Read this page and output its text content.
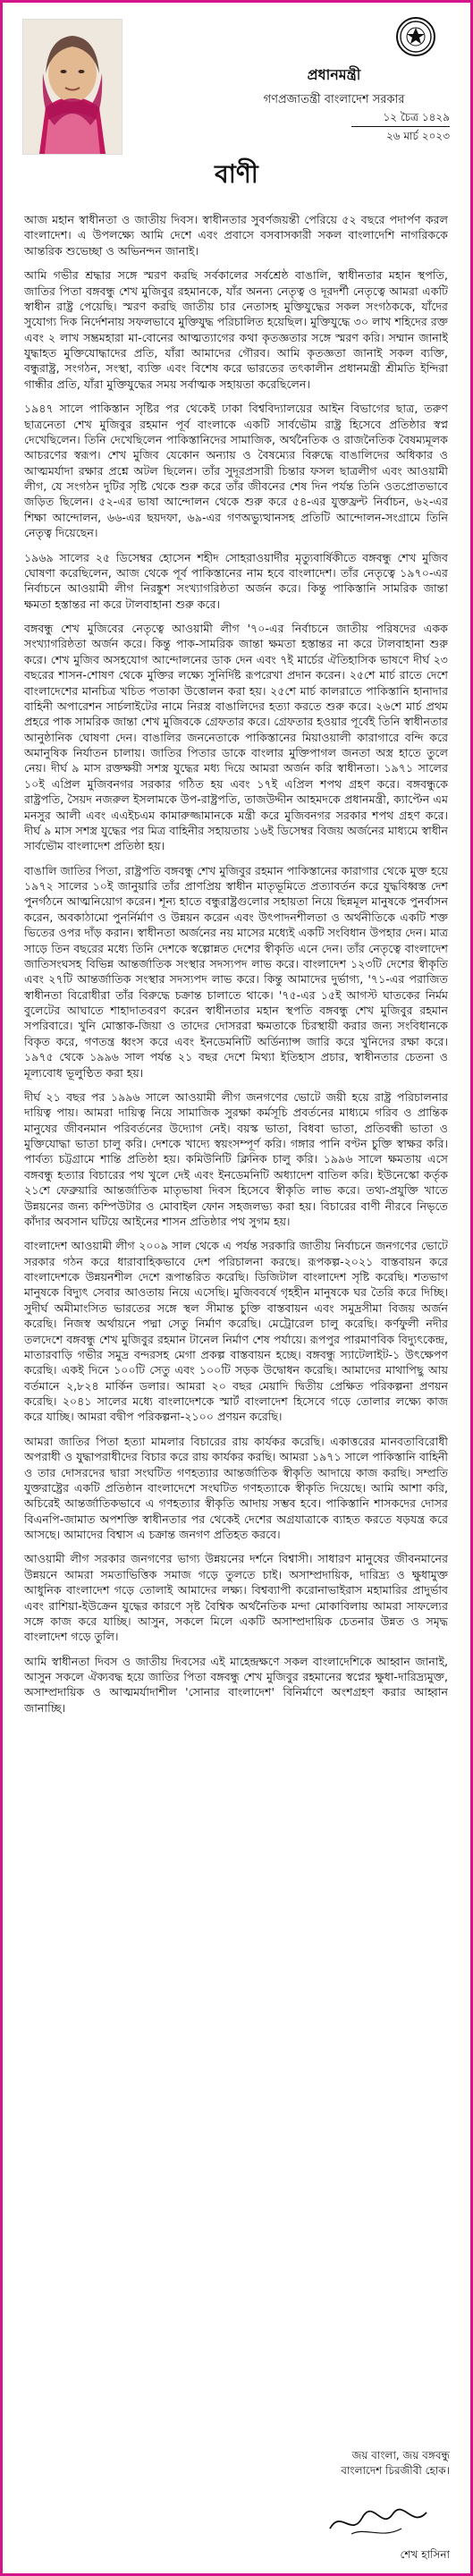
প্রধানমন্ত্রী

গণপ্রজাতন্ত্রী বাংলাদেশ সরকার

১২ চৈত্র ১৪২৯
২৬ মার্চ ২০২৩
বাণী

আজ মহান স্বাধীনতা ও জাতীয় দিবস। স্বাধীনতার সুবর্ণজয়ন্তী পেরিয়ে ৫২ বছরে পদার্পণ করল বাংলাদেশ। এ উপলক্ষ্যে আমি দেশে এবং প্রবাসে বসবাসকারী সকল বাংলাদেশি নাগরিককে আন্তরিক শুভেচ্ছা ও অভিনন্দন জানাই।

আমি গভীর শ্রদ্ধার সঙ্গে স্মরণ করছি সর্বকালের সর্বশ্রেষ্ঠ বাঙালি, স্বাধীনতার মহান স্থপতি, জাতির পিতা বঙ্গবন্ধু শেখ মুজিবুর রহমানকে, যাঁর অনন্য নেতৃত্ব ও দূরদর্শী নেতৃত্বে আমরা একটি স্বাধীন রাষ্ট্র পেয়েছি। স্মরণ করছি জাতীয় চার নেতাসহ মুক্তিযুদ্ধের সকল সংগঠককে, যাঁদের সুযোগ্য দিক নির্দেশনায় সফলভাবে মুক্তিযুদ্ধ পরিচালিত হয়েছিল। মুক্তিযুদ্ধে ৩০ লাখ শহিদের রক্ত এবং ২ লাখ সম্ভ্রমহারা মা-বোনের আত্মত্যাগের কথা কৃতজ্ঞতার সঙ্গে স্মরণ করি। সম্মান জানাই যুদ্ধাহত মুক্তিযোদ্ধাদের প্রতি, যাঁরা আমাদের গৌরব। আমি কৃতজ্ঞতা জানাই সকল ব্যক্তি, বন্ধুরাষ্ট্র, সংগঠন, সংস্থা, ব্যক্তি এবং বিশেষ করে ভারতের তৎকালীন প্রধানমন্ত্রী শ্রীমতি ইন্দিরা গান্ধীর প্রতি, যাঁরা মুক্তিযুদ্ধের সময় সর্বাত্মক সহায়তা করেছিলেন।

১৯৪৭ সালে পাকিস্তান সৃষ্টির পর থেকেই ঢাকা বিশ্ববিদ্যালয়ের আইন বিভাগের ছাত্র, তরুণ ছাত্রনেতা শেখ মুজিবুর রহমান পূর্ব বাংলাকে একটি সার্বভৌম রাষ্ট্র হিসেবে প্রতিষ্ঠার স্বপ্ন দেখেছিলেন। তিনি দেখেছিলেন পাকিস্তানিদের সামাজিক, অর্থনৈতিক ও রাজনৈতিক বৈষম্যমূলক আচরণের স্বরূপ। শেখ মুজিব যেকোন অন্যায় ও বৈষম্যের বিরুদ্ধে বাঙালিদের অধিকার ও আত্মমর্যাদা রক্ষার প্রশ্নে অটল ছিলেন। তাঁর সুদূরপ্রসারী চিন্তার ফসল ছাত্রলীগ এবং আওয়ামী লীগ, যে সংগঠন দুটির সৃষ্টি থেকে শুরু করে তাঁর জীবনের শেষ দিন পর্যন্ত তিনি ওতপ্রোতভাবে জড়িত ছিলেন। ৫২-এর ভাষা আন্দোলন থেকে শুরু করে ৫৪-এর যুক্তফ্রন্ট নির্বাচন, ৬২-এর শিক্ষা আন্দোলন, ৬৬-এর ছয়দফা, ৬৯-এর গণঅভ্যুত্থানসহ প্রতিটি আন্দোলন-সংগ্রামে তিনি নেতৃত্ব দিয়েছেন।

১৯৬৯ সালের ২৫ ডিসেম্বর হোসেন শহীদ সোহরাওয়ার্দীর মৃত্যুবার্ষিকীতে বঙ্গবন্ধু শেখ মুজিব ঘোষণা করেছিলেন, আজ থেকে পূর্ব পাকিস্তানের নাম হবে বাংলাদেশ। তাঁর নেতৃত্বে ১৯৭০-এর নির্বাচনে আওয়ামী লীগ নিরঙ্কুশ সংখ্যাগরিষ্ঠতা অর্জন করে। কিন্তু পাকিস্তানি সামরিক জান্তা ক্ষমতা হস্তান্তর না করে টালবাহানা শুরু করে।

বঙ্গবন্ধু শেখ মুজিবের নেতৃত্বে আওয়ামী লীগ '৭০-এর নির্বাচনে জাতীয় পরিষদের একক সংখ্যাগরিষ্ঠতা অর্জন করে। কিন্তু পাক-সামরিক জান্তা ক্ষমতা হস্তান্তর না করে টালবাহানা শুরু করে। শেখ মুজিব অসহযোগ আন্দোলনের ডাক দেন এবং ৭ই মার্চের ঐতিহাসিক ভাষণে দীর্ঘ ২৩ বছরের শাসন-শোষণ থেকে মুক্তির লক্ষ্যে সুনির্দিষ্ট রূপরেখা প্রদান করেন। ২৫শে মার্চ রাতে দেশে বাংলাদেশের মানচিত্র খচিত পতাকা উত্তোলন করা হয়। ২৫শে মার্চ কালরাতে পাকিস্তানি হানাদার বাহিনী অপারেশন সার্চলাইটের নামে নিরস্ত্র বাঙালিদের হত্যা করতে শুরু করে। ২৬শে মার্চ প্রথম প্রহরে পাক সামরিক জান্তা শেখ মুজিবকে গ্রেফতার করে। গ্রেফতার হওয়ার পূর্বেই তিনি স্বাধীনতার আনুষ্ঠানিক ঘোষণা দেন। বাঙালির জননেতাকে পাকিস্তানের মিয়াওয়ালী কারাগারে বন্দি করে অমানুষিক নির্যাতন চালায়। জাতির পিতার ডাকে বাংলার মুক্তিপাগল জনতা অস্ত্র হাতে তুলে নেয়। দীর্ঘ ৯ মাস রক্তক্ষয়ী সশস্ত্র যুদ্ধের মধ্য দিয়ে আমরা অর্জন করি স্বাধীনতা। ১৯৭১ সালের ১০ই এপ্রিল মুজিবনগর সরকার গঠিত হয় এবং ১৭ই এপ্রিল শপথ গ্রহণ করে। বঙ্গবন্ধুকে রাষ্ট্রপতি, সৈয়দ নজরুল ইসলামকে উপ-রাষ্ট্রপতি, তাজউদ্দীন আহমদকে প্রধানমন্ত্রী, ক্যাপ্টেন এম মনসুর আলী এবং এএইচএম কামারুজ্জামানকে মন্ত্রী করে মুজিবনগর সরকার শপথ গ্রহণ করে। দীর্ঘ ৯ মাস সশস্ত্র যুদ্ধের পর মিত্র বাহিনীর সহায়তায় ১৬ই ডিসেম্বর বিজয় অর্জনের মাধ্যমে স্বাধীন সার্বভৌম বাংলাদেশ প্রতিষ্ঠা হয়।

বাঙালি জাতির পিতা, রাষ্ট্রপতি বঙ্গবন্ধু শেখ মুজিবুর রহমান পাকিস্তানের কারাগার থেকে মুক্ত হয়ে ১৯৭২ সালের ১০ই জানুয়ারি তাঁর প্রাণপ্রিয় স্বাধীন মাতৃভূমিতে প্রত্যাবর্তন করে যুদ্ধবিধ্বস্ত দেশ পুনর্গঠনে আত্মনিয়োগ করেন। শূন্য হাতে বন্ধুরাষ্ট্রগুলোর সহায়তা নিয়ে ছিন্নমূল মানুষকে পুনর্বাসন করেন, অবকাঠামো পুনর্নির্মাণ ও উন্নয়ন করেন এবং উৎপাদনশীলতা ও অর্থনীতিকে একটি শক্ত ভিতের ওপর দাঁড় করান। স্বাধীনতা অর্জনের নয় মাসের মধ্যেই একটি সংবিধান উপহার দেন। মাত্র সাড়ে তিন বছরের মধ্যে তিনি দেশকে স্বল্পোন্নত দেশের স্বীকৃতি এনে দেন। তাঁর নেতৃত্বে বাংলাদেশ জাতিসংঘসহ বিভিন্ন আন্তর্জাতিক সংস্থার সদস্যপদ লাভ করে। বাংলাদেশ ১২৩টি দেশের স্বীকৃতি এবং ২৭টি আন্তর্জাতিক সংস্থার সদস্যপদ লাভ করে। কিন্তু আমাদের দুর্ভাগ্য, '৭১-এর পরাজিত স্বাধীনতা বিরোধীরা তাঁর বিরুদ্ধে চক্রান্ত চালাতে থাকে। '৭৫-এর ১৫ই আগস্ট ঘাতকের নির্মম বুলেটের আঘাতে শাহাদাতবরণ করেন স্বাধীনতার মহান স্থপতি বঙ্গবন্ধু শেখ মুজিবুর রহমান সপরিবারে। খুনি মোস্তাক-জিয়া ও তাদের দোসররা ক্ষমতাকে চিরস্থায়ী করার জন্য সংবিধানকে বিকৃত করে, গণতন্ত্র ধ্বংস করে এবং ইনডেমনিটি অর্ডিন্যান্স জারি করে খুনিদের রক্ষা করে। ১৯৭৫ থেকে ১৯৯৬ সাল পর্যন্ত ২১ বছর দেশে মিথ্যা ইতিহাস প্রচার, স্বাধীনতার চেতনা ও মূল্যবোধ ভূলুণ্ঠিত করা হয়।

দীর্ঘ ২১ বছর পর ১৯৯৬ সালে আওয়ামী লীগ জনগণের ভোটে জয়ী হয়ে রাষ্ট্র পরিচালনার দায়িত্ব পায়। আমরা দায়িত্ব নিয়ে সামাজিক সুরক্ষা কর্মসূচি প্রবর্তনের মাধ্যমে গরিব ও প্রান্তিক মানুষের জীবনমান পরিবর্তনের উদ্যোগ নেই। বয়স্ক ভাতা, বিধবা ভাতা, প্রতিবন্ধী ভাতা ও মুক্তিযোদ্ধা ভাতা চালু করি। দেশকে খাদ্যে স্বয়ংসম্পূর্ণ করি। গঙ্গার পানি বণ্টন চুক্তি স্বাক্ষর করি। পার্বত্য চট্টগ্রামে শান্তি প্রতিষ্ঠা হয়। কমিউনিটি ক্লিনিক চালু করি। ১৯৯৬ সালে ক্ষমতায় এসে বঙ্গবন্ধু হত্যার বিচারের পথ খুলে দেই এবং ইনডেমনিটি অধ্যাদেশ বাতিল করি। ইউনেস্কো কর্তৃক ২১শে ফেব্রুয়ারি আন্তর্জাতিক মাতৃভাষা দিবস হিসেবে স্বীকৃতি লাভ করে। তথ্য-প্রযুক্তি খাতে উন্নয়নের জন্য কম্পিউটার ও মোবাইল ফোন সহজলভ্য করা হয়। বিচারের বাণী নীরবে নিভৃতে কাঁদার অবসান ঘটিয়ে আইনের শাসন প্রতিষ্ঠার পথ সুগম হয়।

বাংলাদেশ আওয়ামী লীগ ২০০৯ সাল থেকে এ পর্যন্ত সরকারি জাতীয় নির্বাচনে জনগণের ভোটে সরকার গঠন করে ধারাবাহিকভাবে দেশ পরিচালনা করছে। রূপকল্প-২০২১ বাস্তবায়ন করে বাংলাদেশকে উন্নয়নশীল দেশে রূপান্তরিত করেছি। ডিজিটাল বাংলাদেশ সৃষ্টি করেছি। শতভাগ মানুষকে বিদ্যুৎ সেবার আওতায় নিয়ে এসেছি। মুজিববর্ষে গৃহহীন মানুষকে ঘর তৈরি করে দিচ্ছি। সুদীর্ঘ অমীমাংসিত ভারতের সঙ্গে স্থল সীমান্ত চুক্তি বাস্তবায়ন এবং সমুদ্রসীমা বিজয় অর্জন করেছি। নিজস্ব অর্থায়নে পদ্মা সেতু নির্মাণ করেছি। মেট্রোরেল চালু করেছি। কর্ণফুলী নদীর তলদেশে বঙ্গবন্ধু শেখ মুজিবুর রহমান টানেল নির্মাণ শেষ পর্যায়ে। রূপপুর পারমাণবিক বিদ্যুৎকেন্দ্র, মাতারবাড়ি গভীর সমুদ্র বন্দরসহ মেগা প্রকল্প বাস্তবায়ন হচ্ছে। বঙ্গবন্ধু স্যাটেলাইট-১ উৎক্ষেপণ করেছি। একই দিনে ১০০টি সেতু এবং ১০০টি সড়ক উদ্বোধন করেছি। আমাদের মাথাপিছু আয় বর্তমানে ২,৮২৪ মার্কিন ডলার। আমরা ২০ বছর মেয়াদি দ্বিতীয় প্রেক্ষিত পরিকল্পনা প্রণয়ন করেছি। ২০৪১ সালের মধ্যে বাংলাদেশকে স্মার্ট বাংলাদেশ হিসেবে গড়ে তোলার লক্ষ্যে কাজ করে যাচ্ছি। আমরা বদ্বীপ পরিকল্পনা-২১০০ প্রণয়ন করেছি।

আমরা জাতির পিতা হত্যা মামলার বিচারের রায় কার্যকর করেছি। একাত্তরের মানবতাবিরোধী অপরাধী ও যুদ্ধাপরাধীদের বিচার করে রায় কার্যকর করছি। আমরা ১৯৭১ সালে পাকিস্তানি বাহিনী ও তার দোসরদের দ্বারা সংঘটিত গণহত্যার আন্তর্জাতিক স্বীকৃতি আদায়ে কাজ করছি। সম্প্রতি যুক্তরাষ্ট্রের একটি প্রতিষ্ঠান বাংলাদেশে সংঘটিত গণহত্যাকে স্বীকৃতি দিয়েছে। আমি আশা করি, অচিরেই আন্তর্জাতিকভাবে এ গণহত্যার স্বীকৃতি আদায় সম্ভব হবে। পাকিস্তানি শাসকদের দোসর বিএনপি-জামাত অপশক্তি স্বাধীনতার পর থেকেই দেশের অগ্রযাত্রাকে ব্যাহত করতে ষড়যন্ত্র করে আসছে। আমাদের বিশ্বাস এ চক্রান্ত জনগণ প্রতিহত করবে।

আওয়ামী লীগ সরকার জনগণের ভাগ্য উন্নয়নের দর্শনে বিশ্বাসী। সাধারণ মানুষের জীবনমানের উন্নয়নে আমরা সমতাভিত্তিক সমাজ গড়ে তুলতে চাই। অসাম্প্রদায়িক, দারিদ্র্য ও ক্ষুধামুক্ত আধুনিক বাংলাদেশ গড়ে তোলাই আমাদের লক্ষ্য। বিশ্বব্যাপী করোনাভাইরাস মহামারির প্রাদুর্ভাব এবং রাশিয়া-ইউক্রেন যুদ্ধের কারণে সৃষ্ট বৈশ্বিক অর্থনৈতিক মন্দা মোকাবিলায় আমরা সাফল্যের সঙ্গে কাজ করে যাচ্ছি। আসুন, সকলে মিলে একটি অসাম্প্রদায়িক চেতনার উন্নত ও সমৃদ্ধ বাংলাদেশ গড়ে তুলি।

আমি স্বাধীনতা দিবস ও জাতীয় দিবসের এই মাহেন্দ্রক্ষণে সকল বাংলাদেশিকে আহ্বান জানাই, আসুন সকলে ঐক্যবদ্ধ হয়ে জাতির পিতা বঙ্গবন্ধু শেখ মুজিবুর রহমানের স্বপ্নের ক্ষুধা-দারিদ্র্যমুক্ত, অসাম্প্রদায়িক ও আত্মমর্যাদাশীল 'সোনার বাংলাদেশ' বিনির্মাণে অংশগ্রহণ করার আহ্বান জানাচ্ছি।

জয় বাংলা, জয় বঙ্গবন্ধু
বাংলাদেশ চিরজীবী হোক।
শেখ হাসিনা
